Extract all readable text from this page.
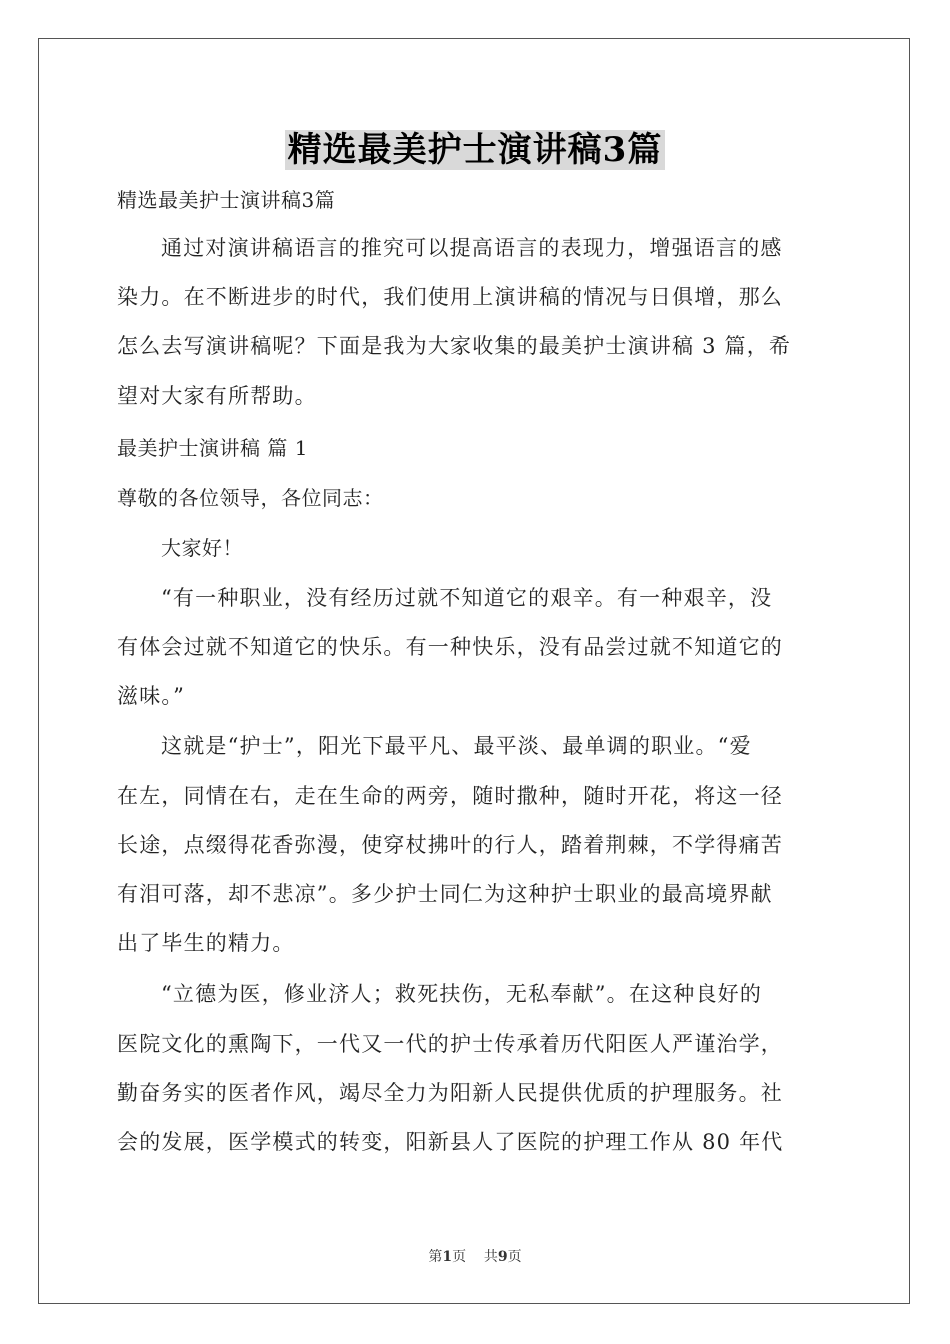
精选最美护士演讲稿3篇
精选最美护士演讲稿3篇
通过对演讲稿语言的推究可以提高语言的表现力，增强语言的感
染力。在不断进步的时代，我们使用上演讲稿的情况与日俱增，那么
怎么去写演讲稿呢？下面是我为大家收集的最美护士演讲稿 3 篇，希
望对大家有所帮助。
最美护士演讲稿 篇 1
尊敬的各位领导，各位同志：
大家好！
“有一种职业，没有经历过就不知道它的艰辛。有一种艰辛，没
有体会过就不知道它的快乐。有一种快乐，没有品尝过就不知道它的
滋味。”
这就是“护士”，阳光下最平凡、最平淡、最单调的职业。“爱
在左，同情在右，走在生命的两旁，随时撒种，随时开花，将这一径
长途，点缀得花香弥漫，使穿杖拂叶的行人，踏着荆棘，不学得痛苦
有泪可落，却不悲凉”。多少护士同仁为这种护士职业的最高境界献
出了毕生的精力。
“立德为医，修业济人；救死扶伤，无私奉献”。在这种良好的
医院文化的熏陶下，一代又一代的护士传承着历代阳医人严谨治学，
勤奋务实的医者作风，竭尽全力为阳新人民提供优质的护理服务。社
会的发展，医学模式的转变，阳新县人了医院的护理工作从 80 年代
第1页 共9页
